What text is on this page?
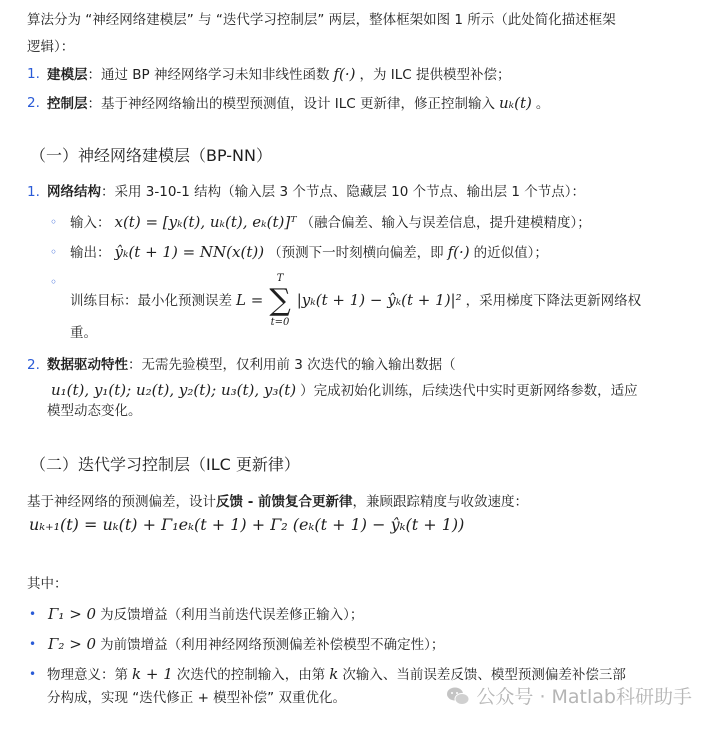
算法分为 “神经网络建模层” 与 “迭代学习控制层” 两层，整体框架如图 1 所示（此处简化描述框架
逻辑）：
1. 建模层：通过 BP 神经网络学习未知非线性函数 f(·) ，为 ILC 提供模型补偿；
2. 控制层：基于神经网络输出的模型预测值，设计 ILC 更新律，修正控制输入 uₖ(t) 。
（一）神经网络建模层（BP-NN）
1. 网络结构：采用 3-10-1 结构（输入层 3 个节点、隐藏层 10 个节点、输出层 1 个节点）：
◦ 输入： x(t) = [yₖ(t), uₖ(t), eₖ(t)]ᵀ （融合偏差、输入与误差信息，提升建模精度）；
◦ 输出： ŷₖ(t + 1) = NN(x(t)) （预测下一时刻横向偏差，即 f(·) 的近似值）；
◦
训练目标：最小化预测误差 L =
T
∑
t=0
|yₖ(t + 1) − ŷₖ(t + 1)|² ，采用梯度下降法更新网络权
重。
2. 数据驱动特性：无需先验模型，仅利用前 3 次迭代的输入输出数据（
u₁(t), y₁(t); u₂(t), y₂(t); u₃(t), y₃(t) ）完成初始化训练，后续迭代中实时更新网络参数，适应
模型动态变化。
（二）迭代学习控制层（ILC 更新律）
基于神经网络的预测偏差，设计反馈 - 前馈复合更新律，兼顾跟踪精度与收敛速度：
uₖ₊₁(t) = uₖ(t) + Γ₁eₖ(t + 1) + Γ₂ (eₖ(t + 1) − ŷₖ(t + 1))
其中：
• Γ₁ > 0 为反馈增益（利用当前迭代误差修正输入）；
• Γ₂ > 0 为前馈增益（利用神经网络预测偏差补偿模型不确定性）；
• 物理意义：第 k + 1 次迭代的控制输入，由第 k 次输入、当前误差反馈、模型预测偏差补偿三部
分构成，实现 “迭代修正 + 模型补偿” 双重优化。	公众号 · Matlab科研助手
